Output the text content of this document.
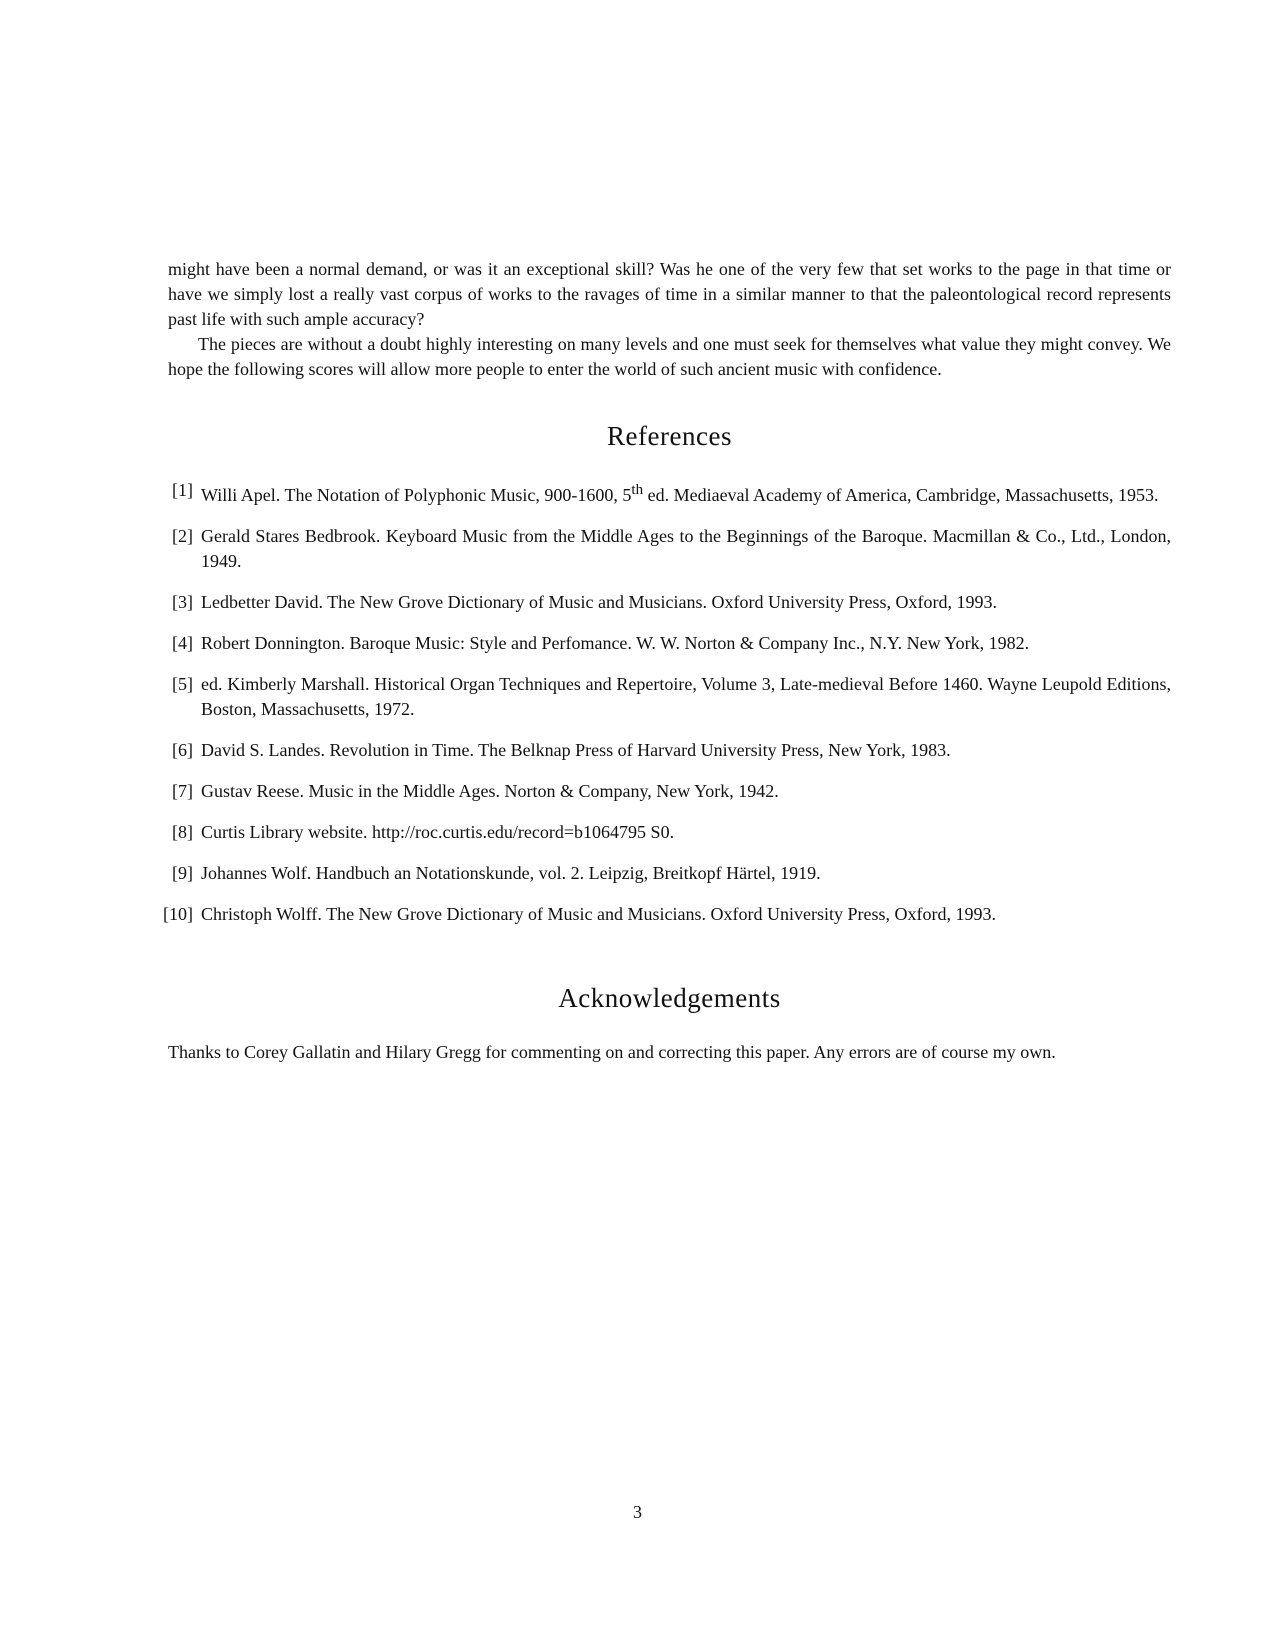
might have been a normal demand, or was it an exceptional skill? Was he one of the very few that set works to the page in that time or have we simply lost a really vast corpus of works to the ravages of time in a similar manner to that the paleontological record represents past life with such ample accuracy?

The pieces are without a doubt highly interesting on many levels and one must seek for themselves what value they might convey. We hope the following scores will allow more people to enter the world of such ancient music with confidence.

References
[1] Willi Apel. The Notation of Polyphonic Music, 900-1600, 5th ed. Mediaeval Academy of America, Cambridge, Massachusetts, 1953.
[2] Gerald Stares Bedbrook. Keyboard Music from the Middle Ages to the Beginnings of the Baroque. Macmillan & Co., Ltd., London, 1949.
[3] Ledbetter David. The New Grove Dictionary of Music and Musicians. Oxford University Press, Oxford, 1993.
[4] Robert Donnington. Baroque Music: Style and Perfomance. W. W. Norton & Company Inc., N.Y. New York, 1982.
[5] ed. Kimberly Marshall. Historical Organ Techniques and Repertoire, Volume 3, Late-medieval Before 1460. Wayne Leupold Editions, Boston, Massachusetts, 1972.
[6] David S. Landes. Revolution in Time. The Belknap Press of Harvard University Press, New York, 1983.
[7] Gustav Reese. Music in the Middle Ages. Norton & Company, New York, 1942.
[8] Curtis Library website. http://roc.curtis.edu/record=b1064795 S0.
[9] Johannes Wolf. Handbuch an Notationskunde, vol. 2. Leipzig, Breitkopf Härtel, 1919.
[10] Christoph Wolff. The New Grove Dictionary of Music and Musicians. Oxford University Press, Oxford, 1993.
Acknowledgements

Thanks to Corey Gallatin and Hilary Gregg for commenting on and correcting this paper. Any errors are of course my own.

3
